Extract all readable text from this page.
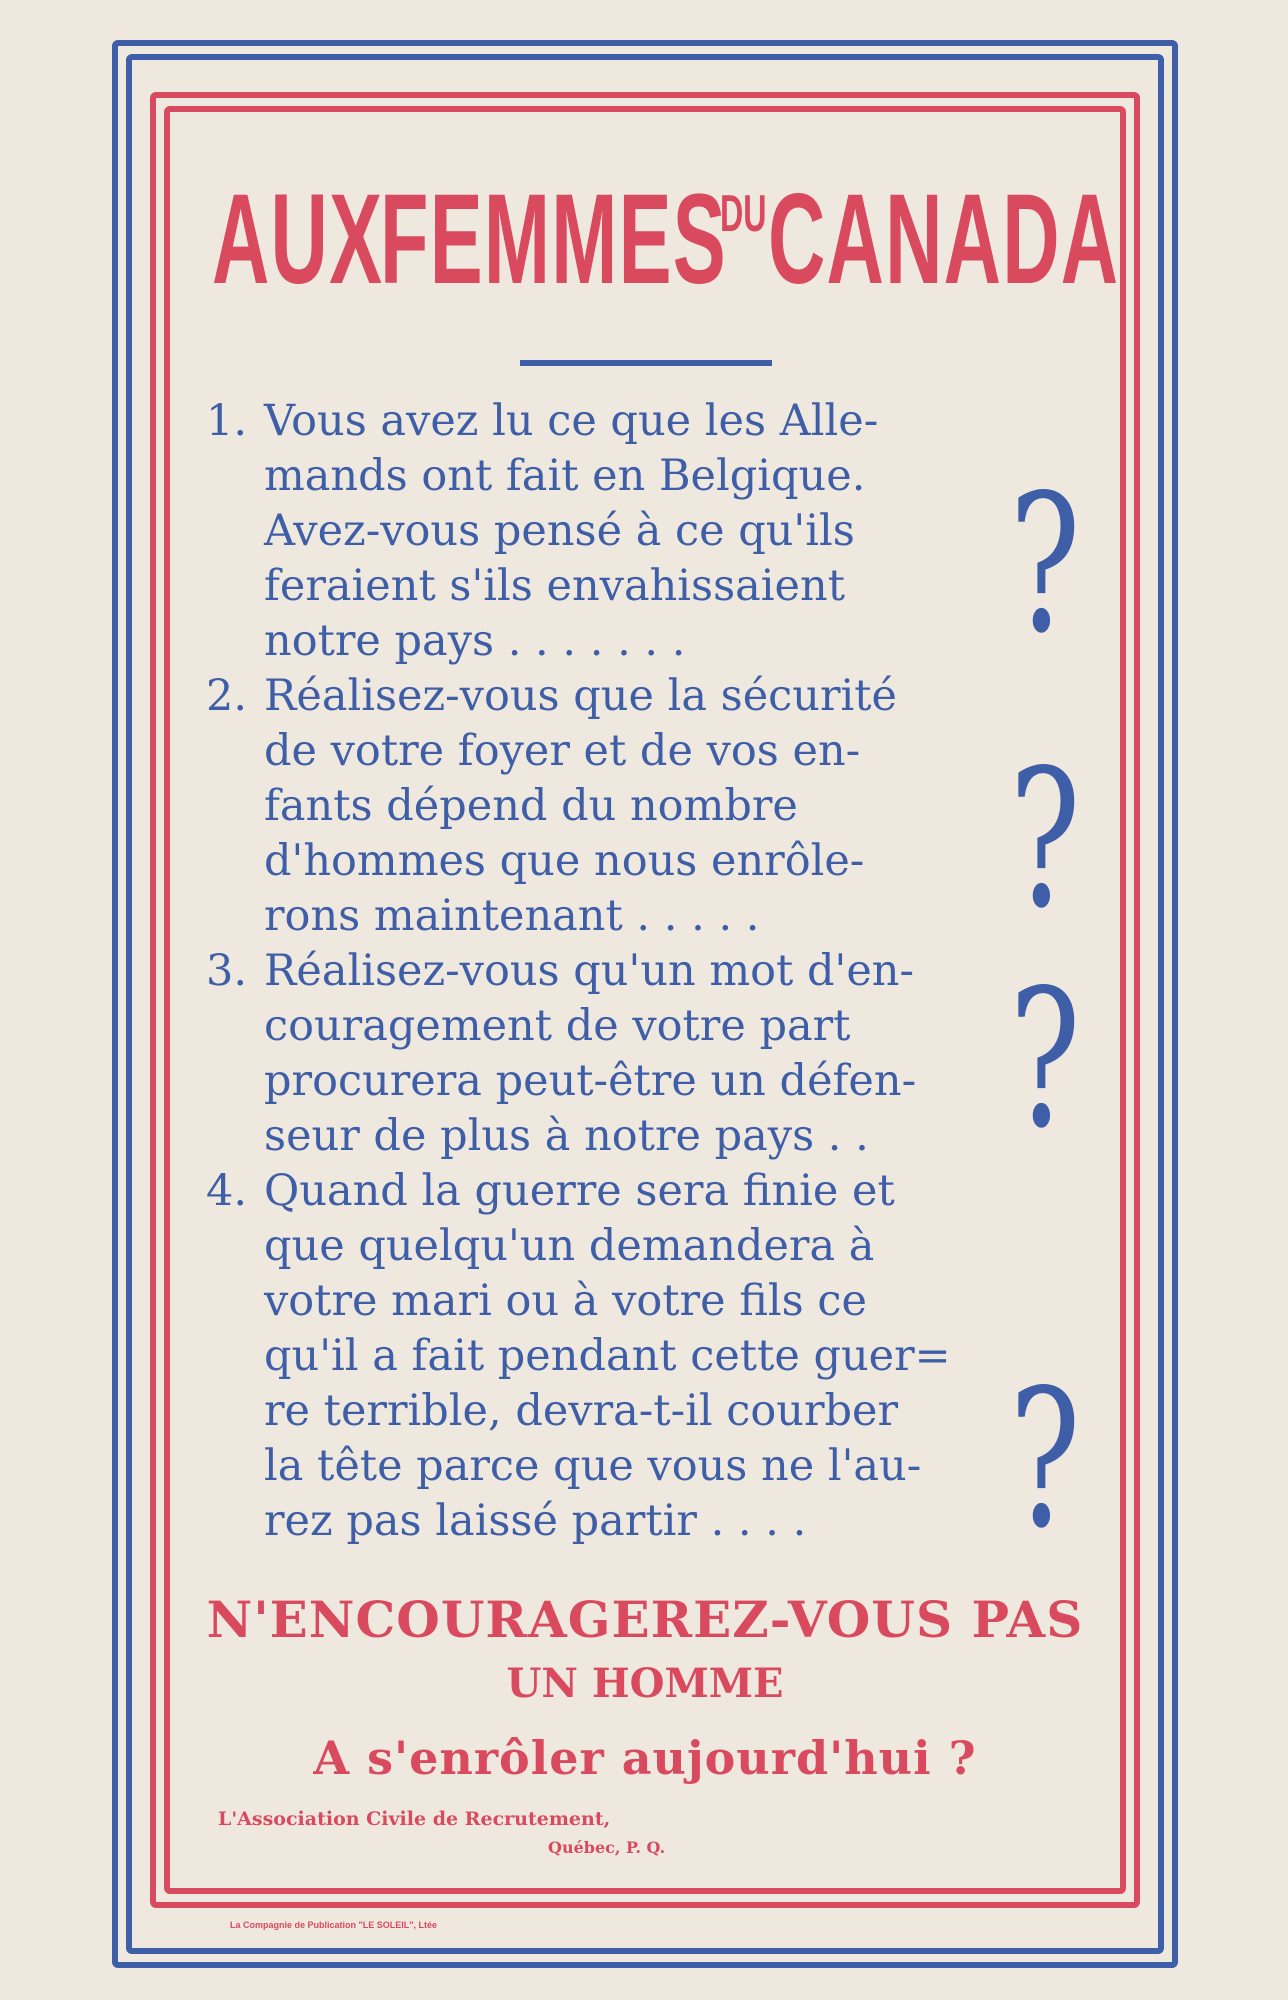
AUX
FEMMES
DU CANADA
1. Vous avez lu ce que les Alle-
mands ont fait en Belgique.
Avez-vous pensé à ce qu'ils
feraient s'ils envahissaient
notre pays . . . . . . .
2. Réalisez-vous que la sécurité
de votre foyer et de vos en-
fants dépend du nombre
d'hommes que nous enrôle-
rons maintenant . . . . .
3. Réalisez-vous qu'un mot d'en-
couragement de votre part
procurera peut-être un défen-
seur de plus à notre pays . .
4. Quand la guerre sera finie et
que quelqu'un demandera à
votre mari ou à votre fils ce
qu'il a fait pendant cette guer=
re terrible, devra-t-il courber
la tête parce que vous ne l'au-
rez pas laissé partir . . . .
?
?
?
?
N'ENCOURAGEREZ-VOUS PAS
UN HOMME
A s'enrôler aujourd'hui ?
L'Association Civile de Recrutement,
Québec, P. Q.
La Compagnie de Publication "LE SOLEIL", Ltée
